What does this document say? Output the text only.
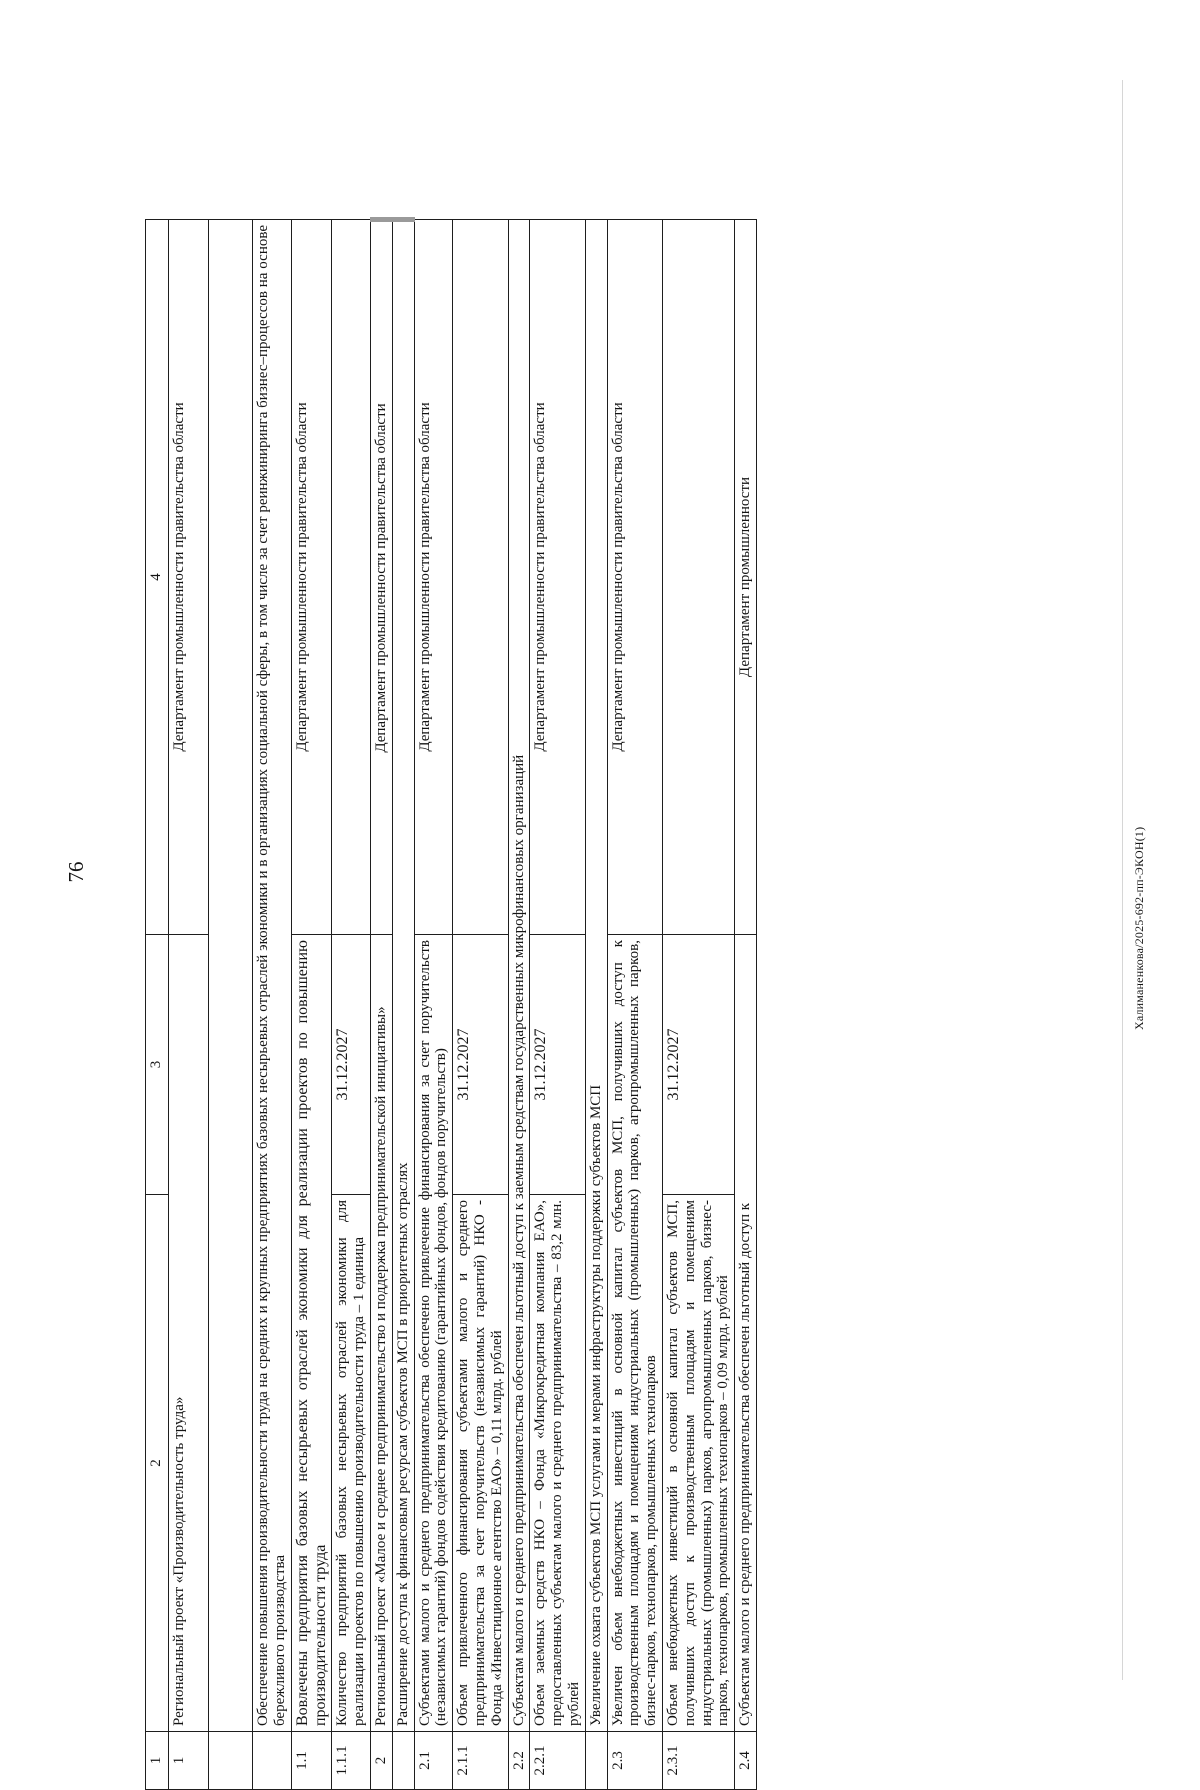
76
1	2	3	4
1	Региональный проект «Производительность труда»		Департамент промышленности правительства области

	Обеспечение повышения производительности труда на средних и крупных предприятиях базовых несырьевых отраслей экономики и в организациях социальной сферы, в том числе за счет реинжиниринга бизнес–процессов на основе бережливого производства		
1.1	Вовлечены предприятия базовых несырьевых отраслей экономики для реализации проектов по повышению производительности труда		Департамент промышленности правительства области
1.1.1	Количество предприятий базовых несырьевых отраслей экономики для реализации проектов по повышению производительности труда – 1 единица	31.12.2027	
2	Региональный проект «Малое и среднее предпринимательство и поддержка предпринимательской инициативы»		Департамент промышленности правительства области
	Расширение доступа к финансовым ресурсам субъектов МСП в приоритетных отраслях		
2.1	Субъектами малого и среднего предпринимательства обеспечено привлечение финансирования за счет поручительств (независимых гарантий) фондов содействия кредитованию (гарантийных фондов, фондов поручительств)		Департамент промышленности правительства области
2.1.1	Объем привлеченного финансирования субъектами малого и среднего предпринимательства за счет поручительств (независимых гарантий) НКО - Фонда «Инвестиционное агентство ЕАО» – 0,11 млрд. рублей	31.12.2027	
2.2	Субъектам малого и среднего предпринимательства обеспечен льготный доступ к заемным средствам государственных микрофинансовых организаций		
2.2.1	Объем заемных средств НКО – Фонда «Микрокредитная компания ЕАО», предоставленных субъектам малого и среднего предпринимательства – 83,2 млн. рублей	31.12.2027	Департамент промышленности правительства области
	Увеличение охвата субъектов МСП услугами и мерами инфраструктуры поддержки субъектов МСП		
2.3	Увеличен объем внебюджетных инвестиций в основной капитал субъектов МСП, получивших доступ к производственным площадям и помещениям индустриальных (промышленных) парков, агропромышленных парков, бизнес-парков, технопарков, промышленных технопарков		Департамент промышленности правительства области
2.3.1	Объем внебюджетных инвестиций в основной капитал субъектов МСП, получивших доступ к производственным площадям и помещениям индустриальных (промышленных) парков, агропромышленных парков, бизнес-парков, технопарков, промышленных технопарков – 0,09 млрд. рублей	31.12.2027	
2.4	Субъектам малого и среднего предпринимательства обеспечен льготный доступ к		Департамент промышленности
Халиманенкова/2025-692-пп-ЭКОН(1)
